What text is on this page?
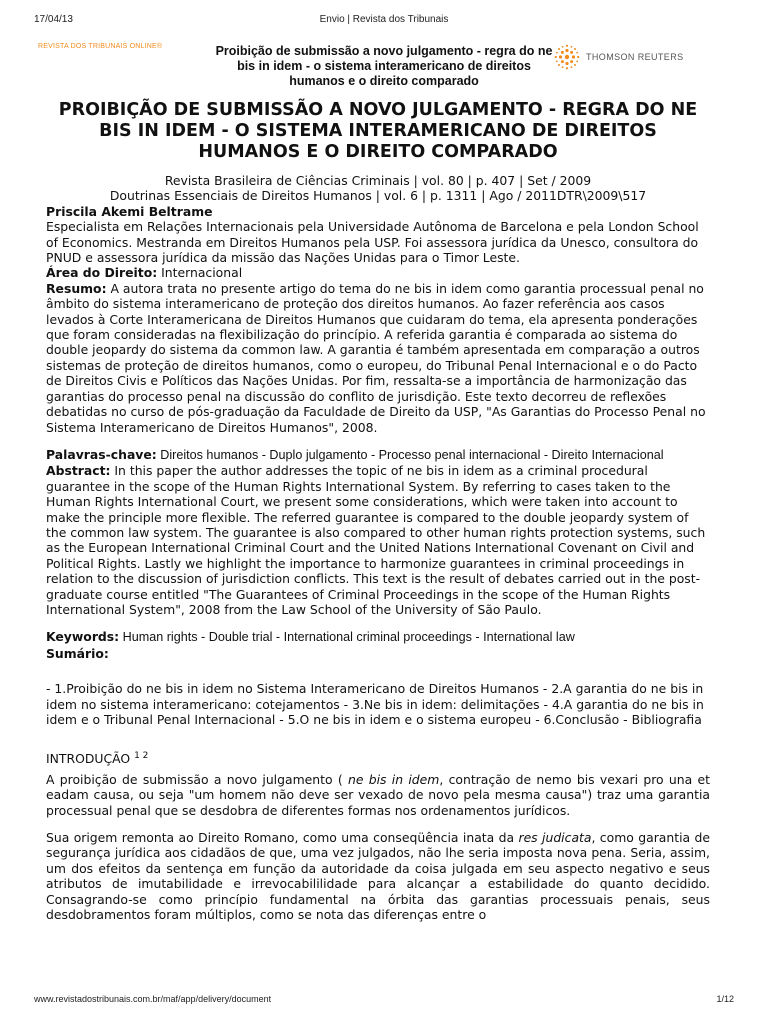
17/04/13	Envio | Revista dos Tribunais
REVISTA DOS TRIBUNAIS ONLINE®	Proibição de submissão a novo julgamento - regra do ne bis in idem - o sistema interamericano de direitos humanos e o direito comparado
THOMSON REUTERS
PROIBIÇÃO DE SUBMISSÃO A NOVO JULGAMENTO - REGRA DO NE BIS IN IDEM - O SISTEMA INTERAMERICANO DE DIREITOS HUMANOS E O DIREITO COMPARADO

Revista Brasileira de Ciências Criminais | vol. 80 | p. 407 | Set / 2009

Doutrinas Essenciais de Direitos Humanos | vol. 6 | p. 1311 | Ago / 2011DTR\2009\517

Priscila Akemi Beltrame

Especialista em Relações Internacionais pela Universidade Autônoma de Barcelona e pela London School of Economics. Mestranda em Direitos Humanos pela USP. Foi assessora jurídica da Unesco, consultora do PNUD e assessora jurídica da missão das Nações Unidas para o Timor Leste.

Área do Direito: Internacional

Resumo: A autora trata no presente artigo do tema do ne bis in idem como garantia processual penal no âmbito do sistema interamericano de proteção dos direitos humanos. Ao fazer referência aos casos levados à Corte Interamericana de Direitos Humanos que cuidaram do tema, ela apresenta ponderações que foram consideradas na flexibilização do princípio. A referida garantia é comparada ao sistema do double jeopardy do sistema da common law. A garantia é também apresentada em comparação a outros sistemas de proteção de direitos humanos, como o europeu, do Tribunal Penal Internacional e o do Pacto de Direitos Civis e Políticos das Nações Unidas. Por fim, ressalta-se a importância de harmonização das garantias do processo penal na discussão do conflito de jurisdição. Este texto decorreu de reflexões debatidas no curso de pós-graduação da Faculdade de Direito da USP, "As Garantias do Processo Penal no Sistema Interamericano de Direitos Humanos", 2008.

Palavras-chave: Direitos humanos - Duplo julgamento - Processo penal internacional - Direito Internacional

Abstract: In this paper the author addresses the topic of ne bis in idem as a criminal procedural guarantee in the scope of the Human Rights International System. By referring to cases taken to the Human Rights International Court, we present some considerations, which were taken into account to make the principle more flexible. The referred guarantee is compared to the double jeopardy system of the common law system. The guarantee is also compared to other human rights protection systems, such as the European International Criminal Court and the United Nations International Covenant on Civil and Political Rights. Lastly we highlight the importance to harmonize guarantees in criminal proceedings in relation to the discussion of jurisdiction conflicts. This text is the result of debates carried out in the post-graduate course entitled "The Guarantees of Criminal Proceedings in the scope of the Human Rights International System", 2008 from the Law School of the University of São Paulo.

Keywords: Human rights - Double trial - International criminal proceedings - International law

Sumário:

- 1.Proibição do ne bis in idem no Sistema Interamericano de Direitos Humanos - 2.A garantia do ne bis in idem no sistema interamericano: cotejamentos - 3.Ne bis in idem: delimitações - 4.A garantia do ne bis in idem e o Tribunal Penal Internacional - 5.O ne bis in idem e o sistema europeu - 6.Conclusão - Bibliografia

INTRODUÇÃO $^{1 2}$

A proibição de submissão a novo julgamento ( ne bis in idem, contração de nemo bis vexari pro una et eadam causa, ou seja "um homem não deve ser vexado de novo pela mesma causa") traz uma garantia processual penal que se desdobra de diferentes formas nos ordenamentos jurídicos.

Sua origem remonta ao Direito Romano, como uma conseqüência inata da res judicata, como garantia de segurança jurídica aos cidadãos de que, uma vez julgados, não lhe seria imposta nova pena. Seria, assim, um dos efeitos da sentença em função da autoridade da coisa julgada em seu aspecto negativo e seus atributos de imutabilidade e irrevocabililidade para alcançar a estabilidade do quanto decidido. Consagrando-se como princípio fundamental na órbita das garantias processuais penais, seus desdobramentos foram múltiplos, como se nota das diferenças entre o

www.revistadostribunais.com.br/maf/app/delivery/document	1/12
